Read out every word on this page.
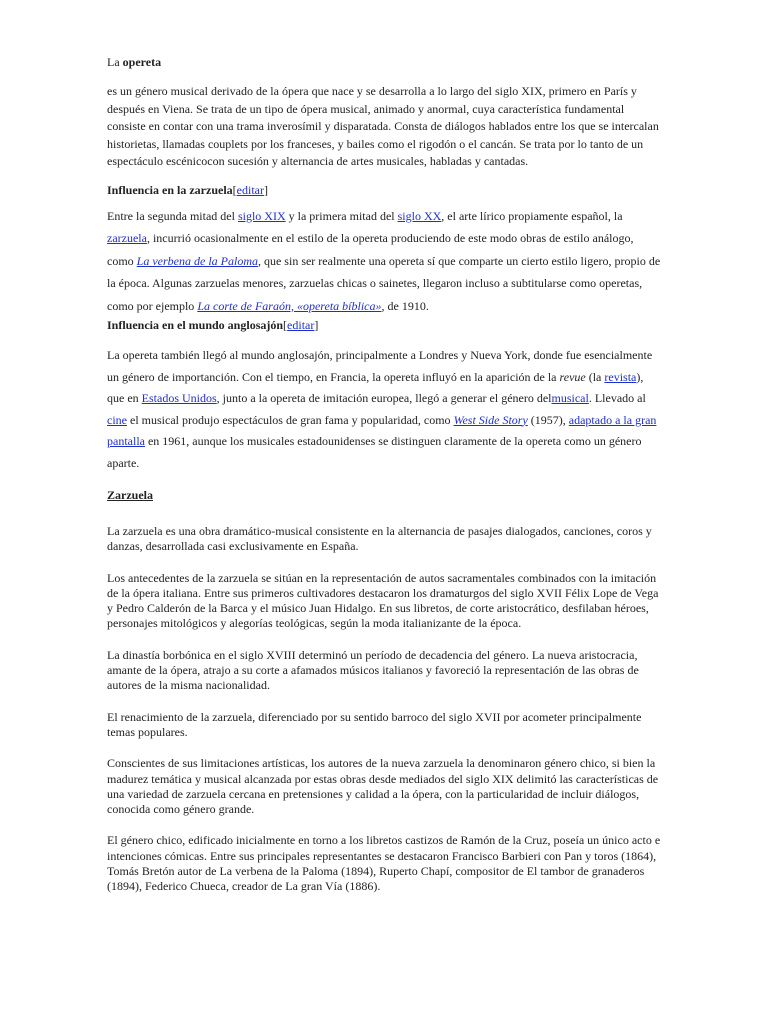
La opereta

es un género musical derivado de la ópera que nace y se desarrolla a lo largo del siglo XIX, primero en París y después en Viena. Se trata de un tipo de ópera musical, animado y anormal, cuya característica fundamental consiste en contar con una trama inverosímil y disparatada. Consta de diálogos hablados entre los que se intercalan historietas, llamadas couplets por los franceses, y bailes como el rigodón o el cancán. Se trata por lo tanto de un espectáculo escénicocon sucesión y alternancia de artes musicales, habladas y cantadas.

Influencia en la zarzuela[editar]

Entre la segunda mitad del siglo XIX y la primera mitad del siglo XX, el arte lírico propiamente español, la zarzuela, incurrió ocasionalmente en el estilo de la opereta produciendo de este modo obras de estilo análogo, como La verbena de la Paloma, que sin ser realmente una opereta sí que comparte un cierto estilo ligero, propio de la época. Algunas zarzuelas menores, zarzuelas chicas o sainetes, llegaron incluso a subtitularse como operetas, como por ejemplo La corte de Faraón, «opereta bíblica», de 1910.

Influencia en el mundo anglosajón[editar]

La opereta también llegó al mundo anglosajón, principalmente a Londres y Nueva York, donde fue esencialmente un género de importanción. Con el tiempo, en Francia, la opereta influyó en la aparición de la revue (la revista), que en Estados Unidos, junto a la opereta de imitación europea, llegó a generar el género delmusical. Llevado al cine el musical produjo espectáculos de gran fama y popularidad, como West Side Story (1957), adaptado a la gran pantalla en 1961, aunque los musicales estadounidenses se distinguen claramente de la opereta como un género aparte.

Zarzuela

La zarzuela es una obra dramático-musical consistente en la alternancia de pasajes dialogados, canciones, coros y danzas, desarrollada casi exclusivamente en España.

Los antecedentes de la zarzuela se sitúan en la representación de autos sacramentales combinados con la imitación de la ópera italiana. Entre sus primeros cultivadores destacaron los dramaturgos del siglo XVII Félix Lope de Vega y Pedro Calderón de la Barca y el músico Juan Hidalgo. En sus libretos, de corte aristocrático, desfilaban héroes, personajes mitológicos y alegorías teológicas, según la moda italianizante de la época.

La dinastía borbónica en el siglo XVIII determinó un período de decadencia del género. La nueva aristocracia, amante de la ópera, atrajo a su corte a afamados músicos italianos y favoreció la representación de las obras de autores de la misma nacionalidad.

El renacimiento de la zarzuela, diferenciado por su sentido barroco del siglo XVII por acometer principalmente temas populares.

Conscientes de sus limitaciones artísticas, los autores de la nueva zarzuela la denominaron género chico, si bien la madurez temática y musical alcanzada por estas obras desde mediados del siglo XIX delimitó las características de una variedad de zarzuela cercana en pretensiones y calidad a la ópera, con la particularidad de incluir diálogos, conocida como género grande.

El género chico, edificado inicialmente en torno a los libretos castizos de Ramón de la Cruz, poseía un único acto e intenciones cómicas. Entre sus principales representantes se destacaron Francisco Barbieri con Pan y toros (1864), Tomás Bretón autor de La verbena de la Paloma (1894), Ruperto Chapí, compositor de El tambor de granaderos (1894), Federico Chueca, creador de La gran Vía (1886).
